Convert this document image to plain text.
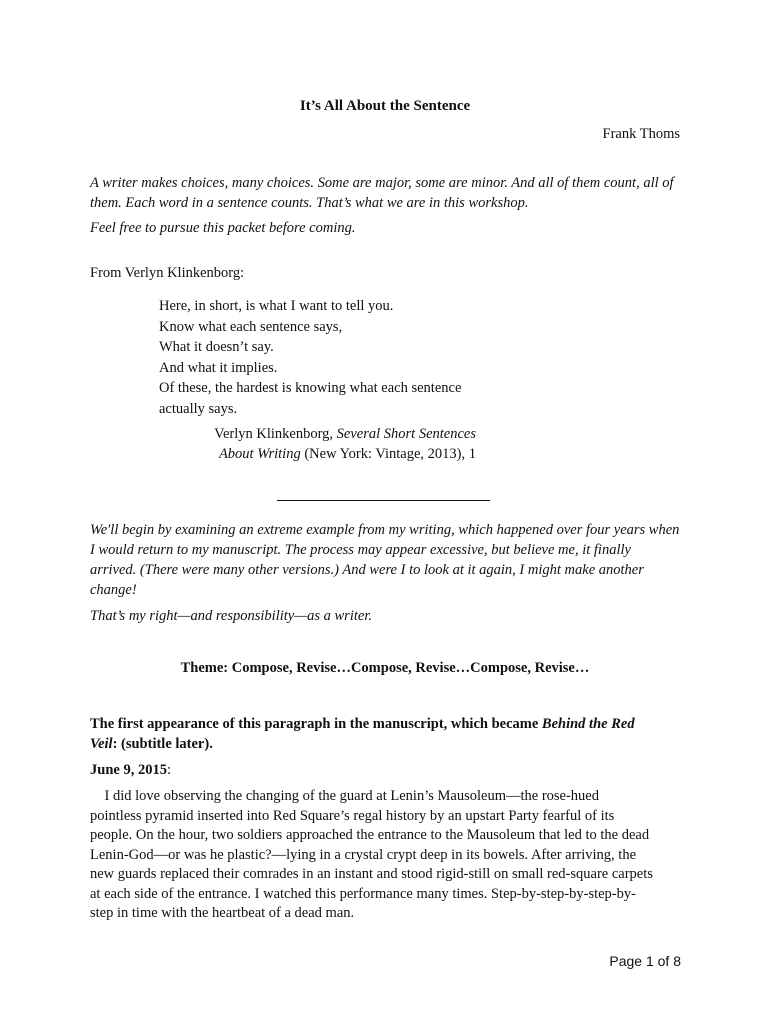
It’s All About the Sentence
Frank Thoms
A writer makes choices, many choices. Some are major, some are minor. And all of them count, all of them. Each word in a sentence counts. That’s what we are in this workshop.
Feel free to pursue this packet before coming.
From Verlyn Klinkenborg:
Here, in short, is what I want to tell you.
Know what each sentence says,
What it doesn’t say.
And what it implies.
Of these, the hardest is knowing what each sentence
actually says.
Verlyn Klinkenborg, Several Short Sentences
About Writing (New York: Vintage, 2013), 1
We'll begin by examining an extreme example from my writing, which happened over four years when I would return to my manuscript. The process may appear excessive, but believe me, it finally arrived. (There were many other versions.) And were I to look at it again, I might make another change!
That’s my right—and responsibility—as a writer.
Theme: Compose, Revise…Compose, Revise…Compose, Revise…
The first appearance of this paragraph in the manuscript, which became Behind the Red Veil: (subtitle later).
June 9, 2015:
 I did love observing the changing of the guard at Lenin’s Mausoleum—the rose-hued
pointless pyramid inserted into Red Square’s regal history by an upstart Party fearful of its
people. On the hour, two soldiers approached the entrance to the Mausoleum that led to the dead
Lenin-God—or was he plastic?—lying in a crystal crypt deep in its bowels. After arriving, the
new guards replaced their comrades in an instant and stood rigid-still on small red-square carpets
at each side of the entrance. I watched this performance many times. Step-by-step-by-step-by-
step in time with the heartbeat of a dead man.
Page 1 of 8
